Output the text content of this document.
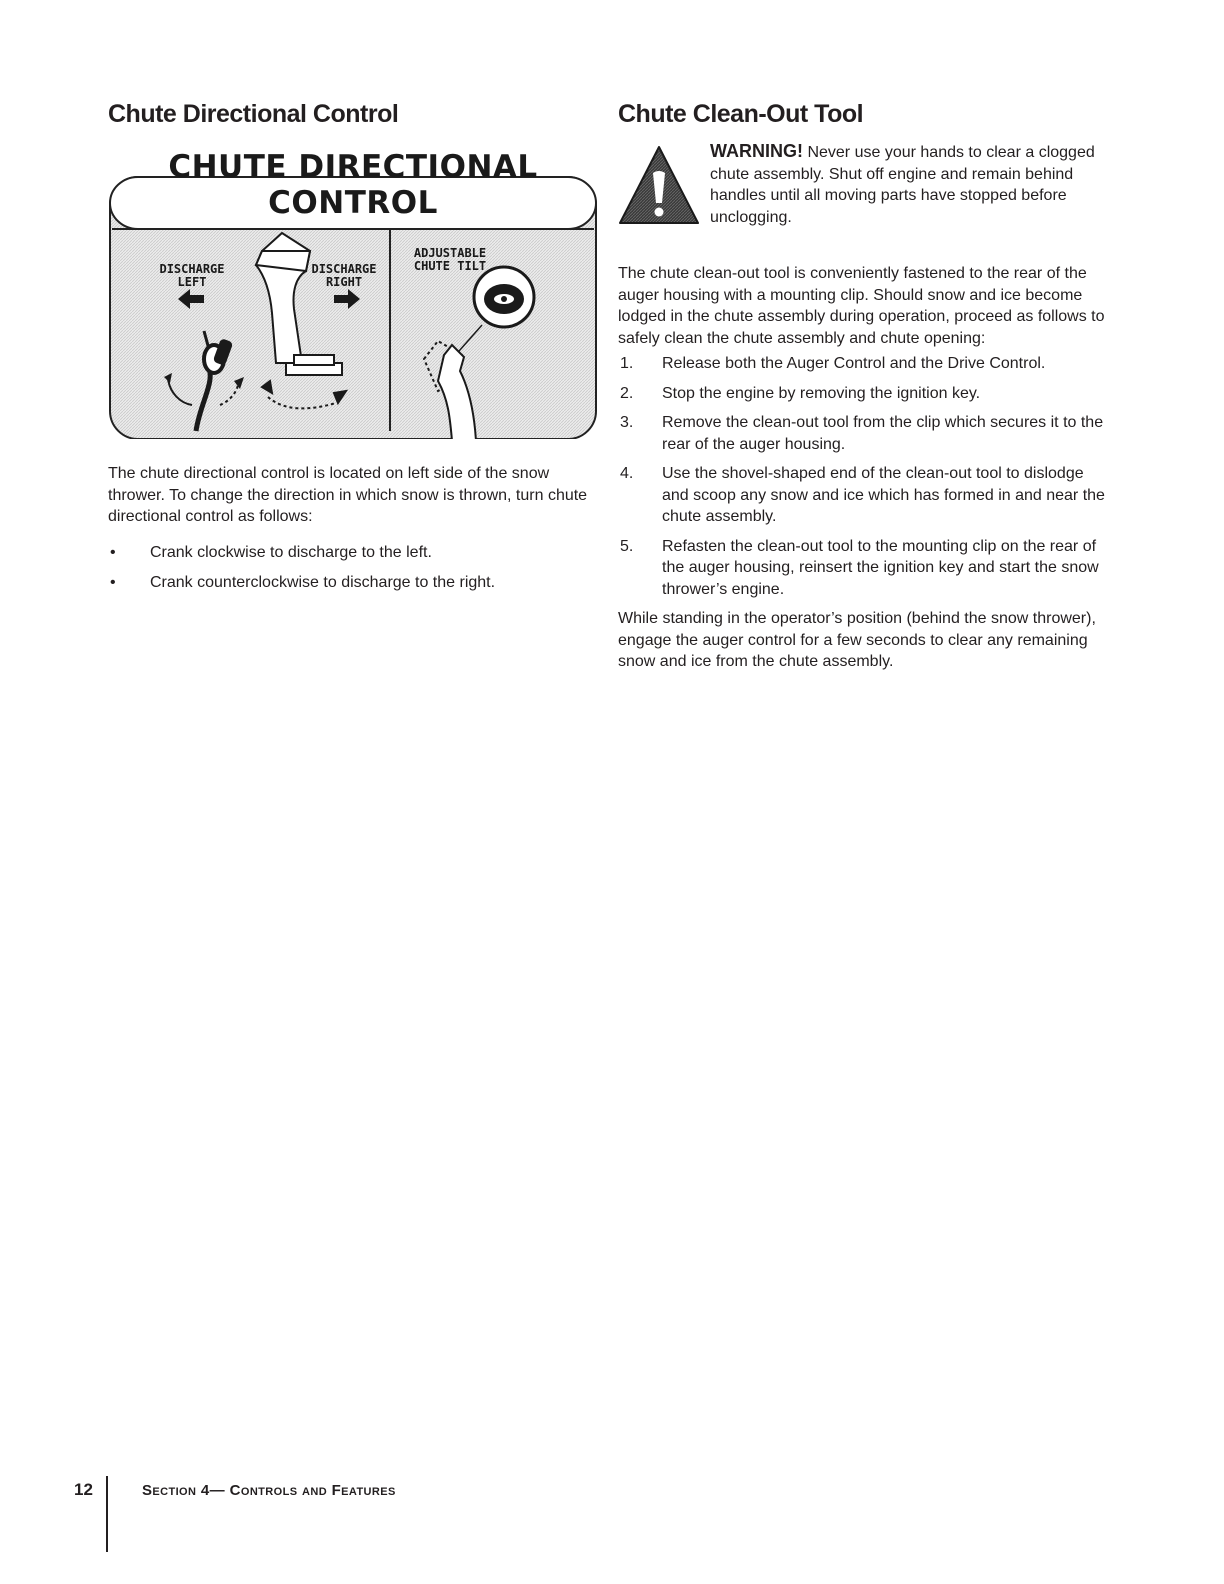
Chute Directional Control
CHUTE DIRECTIONAL CONTROL
DISCHARGE LEFT
DISCHARGE RIGHT
ADJUSTABLE CHUTE TILT

The chute directional control is located on left side of the snow thrower. To change the direction in which snow is thrown, turn chute directional control as follows:

• Crank clockwise to discharge to the left.
• Crank counterclockwise to discharge to the right.
Chute Clean-Out Tool

WARNING! Never use your hands to clear a clogged chute assembly. Shut off engine and remain behind handles until all moving parts have stopped before unclogging.

The chute clean-out tool is conveniently fastened to the rear of the auger housing with a mounting clip. Should snow and ice become lodged in the chute assembly during operation, proceed as follows to safely clean the chute assembly and chute opening:

1. Release both the Auger Control and the Drive Control.
2. Stop the engine by removing the ignition key.
3. Remove the clean-out tool from the clip which secures it to the rear of the auger housing.
4. Use the shovel-shaped end of the clean-out tool to dislodge and scoop any snow and ice which has formed in and near the chute assembly.
5. Refasten the clean-out tool to the mounting clip on the rear of the auger housing, reinsert the ignition key and start the snow thrower’s engine.

While standing in the operator’s position (behind the snow thrower), engage the auger control for a few seconds to clear any remaining snow and ice from the chute assembly.

12	Section 4— Controls and Features
